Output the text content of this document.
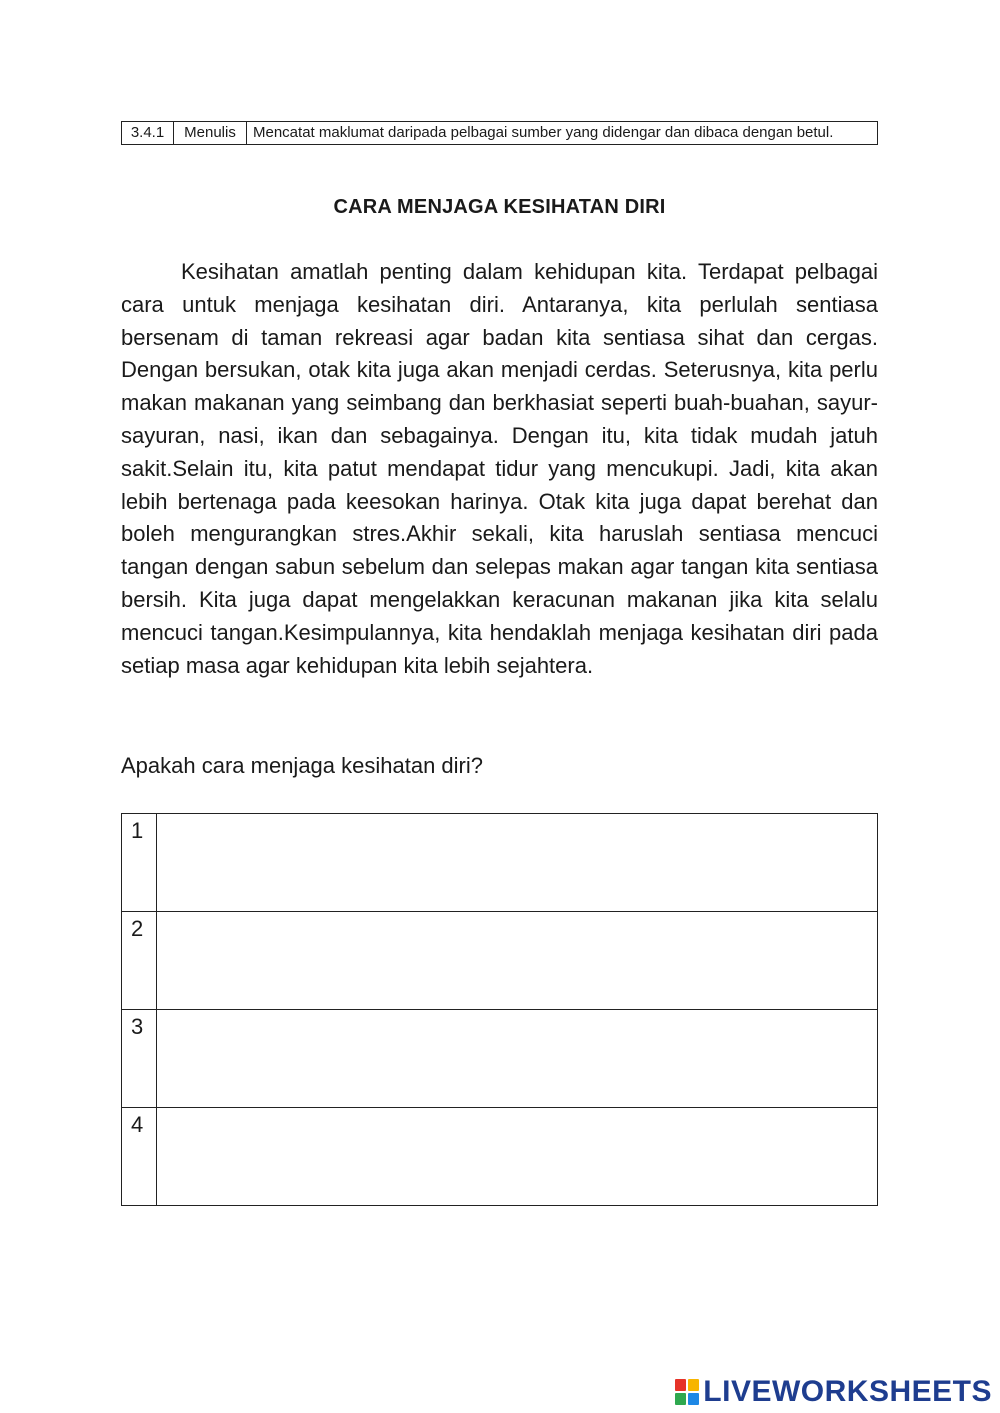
3.4.1	Menulis	Mencatat maklumat daripada pelbagai sumber yang didengar dan dibaca dengan betul.
CARA MENJAGA KESIHATAN DIRI

Kesihatan amatlah penting dalam kehidupan kita. Terdapat pelbagai cara untuk menjaga kesihatan diri. Antaranya, kita perlulah sentiasa bersenam di taman rekreasi agar badan kita sentiasa sihat dan cergas. Dengan bersukan, otak kita juga akan menjadi cerdas. Seterusnya, kita perlu makan makanan yang seimbang dan berkhasiat seperti buah-buahan, sayur-sayuran, nasi, ikan dan sebagainya. Dengan itu, kita tidak mudah jatuh sakit.Selain itu, kita patut mendapat tidur yang mencukupi. Jadi, kita akan lebih bertenaga pada keesokan harinya. Otak kita juga dapat berehat dan boleh mengurangkan stres.Akhir sekali, kita haruslah sentiasa mencuci tangan dengan sabun sebelum dan selepas makan agar tangan kita sentiasa bersih. Kita juga dapat mengelakkan keracunan makanan jika kita selalu mencuci tangan.Kesimpulannya, kita hendaklah menjaga kesihatan diri pada setiap masa agar kehidupan kita lebih sejahtera.

Apakah cara menjaga kesihatan diri?

1	

2	

3	

4	
LIVEWORKSHEETS
